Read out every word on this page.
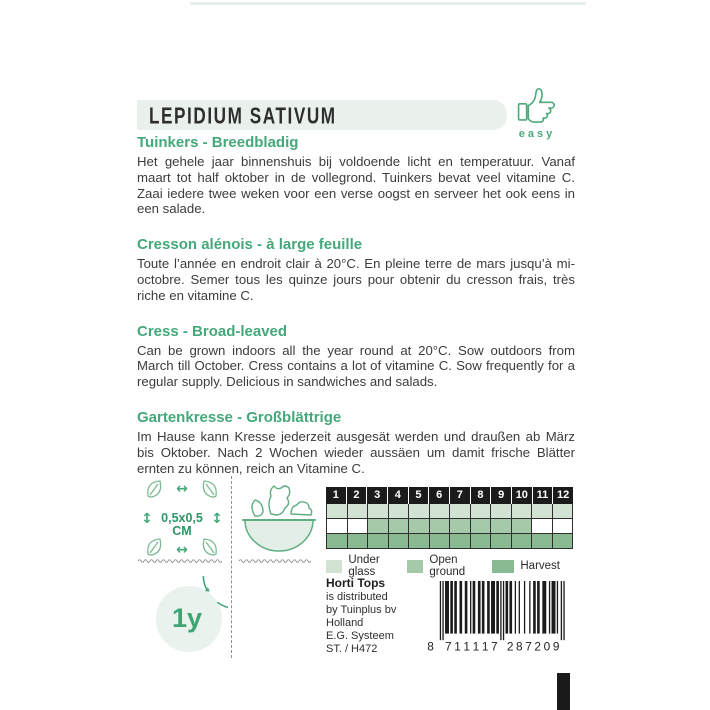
LEPIDIUM SATIVUM
easy
Tuinkers - Breedbladig

Het gehele jaar binnenshuis bij voldoende licht en temperatuur. Vanaf maart tot half oktober in de vollegrond. Tuinkers bevat veel vitamine C. Zaai iedere twee weken voor een verse oogst en serveer het ook eens in een salade.

Cresson alénois - à large feuille

Toute l’année en endroit clair à 20°C. En pleine terre de mars jusqu’à mi-octobre. Semer tous les quinze jours pour obtenir du cresson frais, très riche en vitamine C.

Cress - Broad-leaved

Can be grown indoors all the year round at 20°C. Sow outdoors from March till October. Cress contains a lot of vitamine C. Sow frequently for a regular supply. Delicious in sandwiches and salads.

Gartenkresse - Großblättrige

Im Hause kann Kresse jederzeit ausgesät werden und draußen ab März bis Oktober. Nach 2 Wochen wieder aussäen um damit frische Blätter ernten zu können, reich an Vitamine C.

↔
↔
↕	↕
0,5x0,5
CM
1y
1	2	3	4	5	6	7	8	9	10 11 12
Under glass
Open ground	Harvest
Horti Tops
is distributed
by Tuinplus bv
Holland
E.G. Systeem
ST. / H472	8 7 1 1 1 1 7 2 8 7 2 0 9
